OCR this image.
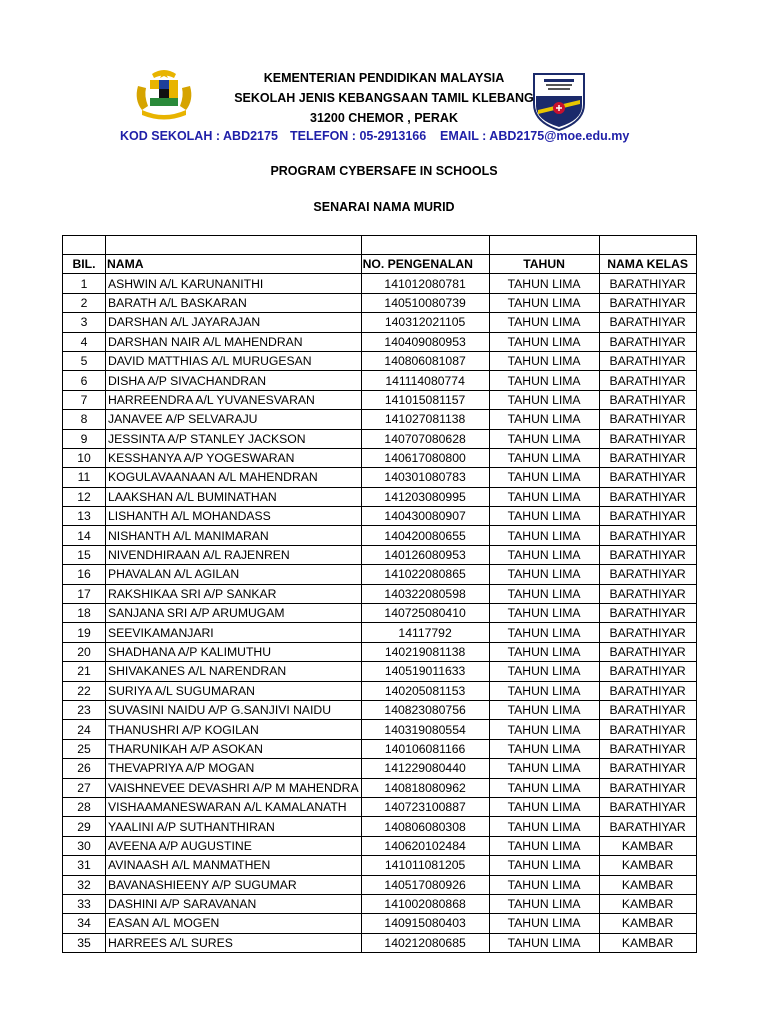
KEMENTERIAN PENDIDIKAN MALAYSIA
SEKOLAH JENIS KEBANGSAAN TAMIL KLEBANG
31200 CHEMOR , PERAK
KOD SEKOLAH : ABD2175 TELEFON : 05-2913166 EMAIL : ABD2175@moe.edu.my
PROGRAM CYBERSAFE IN SCHOOLS
SENARAI NAMA MURID

BIL.	NAMA	NO. PENGENALAN	TAHUN	NAMA KELAS
1	ASHWIN A/L KARUNANITHI	141012080781	TAHUN LIMA	BARATHIYAR
2	BARATH A/L BASKARAN	140510080739	TAHUN LIMA	BARATHIYAR
3	DARSHAN A/L JAYARAJAN	140312021105	TAHUN LIMA	BARATHIYAR
4	DARSHAN NAIR A/L MAHENDRAN	140409080953	TAHUN LIMA	BARATHIYAR
5	DAVID MATTHIAS A/L MURUGESAN	140806081087	TAHUN LIMA	BARATHIYAR
6	DISHA A/P SIVACHANDRAN	141114080774	TAHUN LIMA	BARATHIYAR
7	HARREENDRA A/L YUVANESVARAN	141015081157	TAHUN LIMA	BARATHIYAR
8	JANAVEE A/P SELVARAJU	141027081138	TAHUN LIMA	BARATHIYAR
9	JESSINTA A/P STANLEY JACKSON	140707080628	TAHUN LIMA	BARATHIYAR
10	KESSHANYA A/P YOGESWARAN	140617080800	TAHUN LIMA	BARATHIYAR
11	KOGULAVAANAAN A/L MAHENDRAN	140301080783	TAHUN LIMA	BARATHIYAR
12	LAAKSHAN A/L BUMINATHAN	141203080995	TAHUN LIMA	BARATHIYAR
13	LISHANTH A/L MOHANDASS	140430080907	TAHUN LIMA	BARATHIYAR
14	NISHANTH A/L MANIMARAN	140420080655	TAHUN LIMA	BARATHIYAR
15	NIVENDHIRAAN A/L RAJENREN	140126080953	TAHUN LIMA	BARATHIYAR
16	PHAVALAN A/L AGILAN	141022080865	TAHUN LIMA	BARATHIYAR
17	RAKSHIKAA SRI A/P SANKAR	140322080598	TAHUN LIMA	BARATHIYAR
18	SANJANA SRI A/P ARUMUGAM	140725080410	TAHUN LIMA	BARATHIYAR
19	SEEVIKAMANJARI	14117792	TAHUN LIMA	BARATHIYAR
20	SHADHANA A/P KALIMUTHU	140219081138	TAHUN LIMA	BARATHIYAR
21	SHIVAKANES A/L NARENDRAN	140519011633	TAHUN LIMA	BARATHIYAR
22	SURIYA A/L SUGUMARAN	140205081153	TAHUN LIMA	BARATHIYAR
23	SUVASINI NAIDU A/P G.SANJIVI NAIDU	140823080756	TAHUN LIMA	BARATHIYAR
24	THANUSHRI A/P KOGILAN	140319080554	TAHUN LIMA	BARATHIYAR
25	THARUNIKAH A/P ASOKAN	140106081166	TAHUN LIMA	BARATHIYAR
26	THEVAPRIYA A/P MOGAN	141229080440	TAHUN LIMA	BARATHIYAR
27	VAISHNEVEE DEVASHRI A/P M MAHENDRA	140818080962	TAHUN LIMA	BARATHIYAR
28	VISHAAMANESWARAN A/L KAMALANATH	140723100887	TAHUN LIMA	BARATHIYAR
29	YAALINI A/P SUTHANTHIRAN	140806080308	TAHUN LIMA	BARATHIYAR
30	AVEENA A/P AUGUSTINE	140620102484	TAHUN LIMA	KAMBAR
31	AVINAASH A/L MANMATHEN	141011081205	TAHUN LIMA	KAMBAR
32	BAVANASHIEENY A/P SUGUMAR	140517080926	TAHUN LIMA	KAMBAR
33	DASHINI A/P SARAVANAN	141002080868	TAHUN LIMA	KAMBAR
34	EASAN A/L MOGEN	140915080403	TAHUN LIMA	KAMBAR
35	HARREES A/L SURES	140212080685	TAHUN LIMA	KAMBAR
